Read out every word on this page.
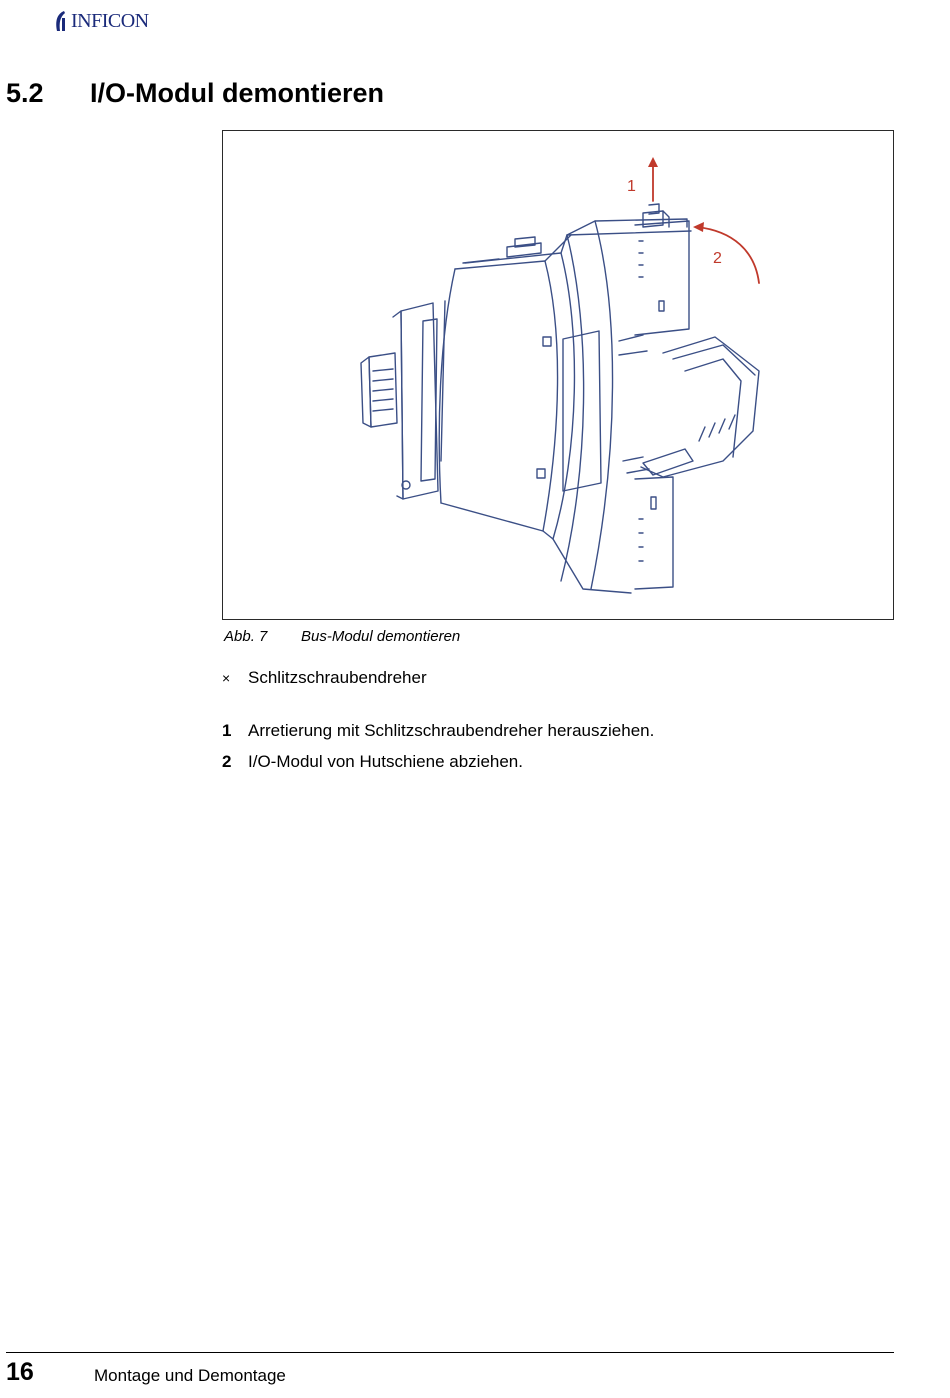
INFICON
5.2 I/O-Modul demontieren
1
2
Abb. 7 Bus-Modul demontieren
×	Schlitzschraubendreher
1 Arretierung mit Schlitzschraubendreher herausziehen.
2 I/O-Modul von Hutschiene abziehen.
16	Montage und Demontage
